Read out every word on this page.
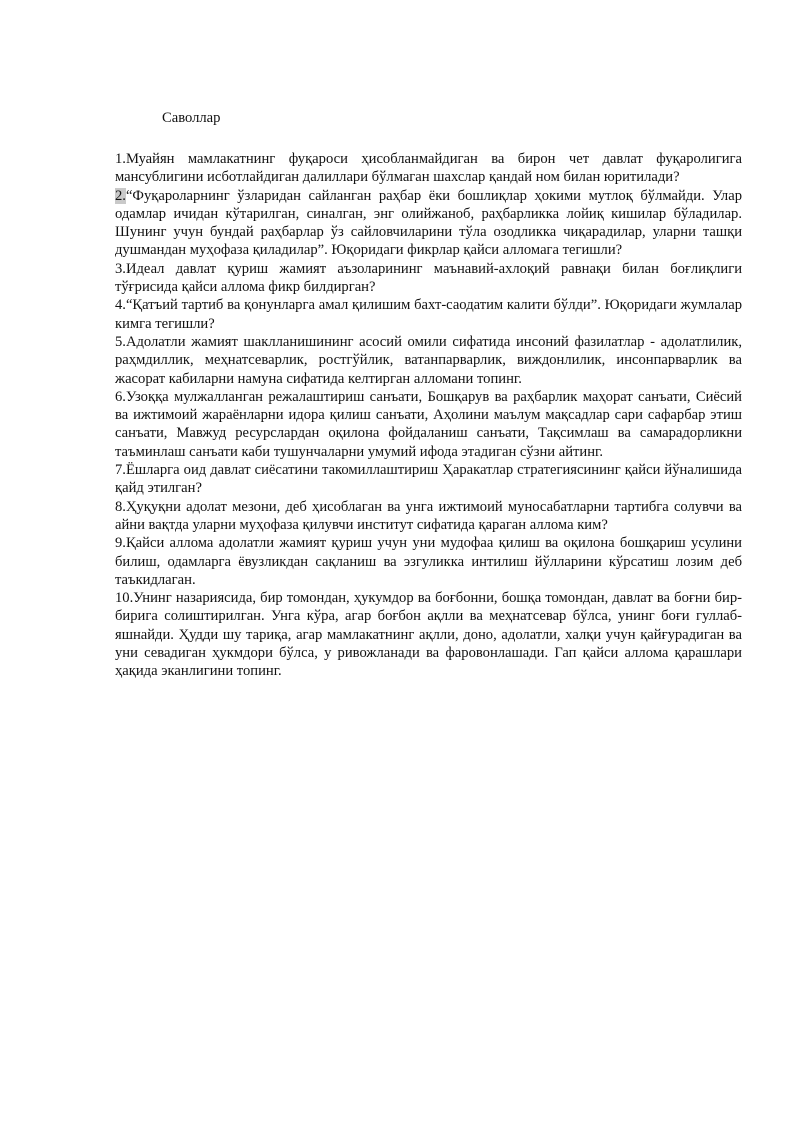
Саволлар

1.Муайян мамлакатнинг фуқароси ҳисобланмайдиган ва бирон чет давлат фуқаролигига мансублигини исботлайдиган далиллари бўлмаган шахслар қандай ном билан юритилади?

2.“Фуқароларнинг ўзларидан сайланган раҳбар ёки бошлиқлар ҳокими мутлоқ бўлмайди. Улар одамлар ичидан кўтарилган, синалган, энг олийжаноб, раҳбарликка лойиқ кишилар бўладилар. Шунинг учун бундай раҳбарлар ўз сайловчиларини тўла озодликка чиқарадилар, уларни ташқи душмандан муҳофаза қиладилар”. Юқоридаги фикрлар қайси алломага тегишли?

3.Идеал давлат қуриш жамият аъзоларининг маънавий-ахлоқий равнақи билан боғлиқлиги тўғрисида қайси аллома фикр билдирган?

4.“Қатъий тартиб ва қонунларга амал қилишим бахт-саодатим калити бўлди”. Юқоридаги жумлалар кимга тегишли?

5.Адолатли жамият шаклланишининг асосий омили сифатида инсоний фазилатлар - адолатлилик, раҳмдиллик, меҳнатсеварлик, ростгўйлик, ватанпарварлик, виждонлилик, инсонпарварлик ва жасорат кабиларни намуна сифатида келтирган алломани топинг.

6.Узоққа мулжалланган режалаштириш санъати, Бошқарув ва раҳбарлик маҳорат санъати, Сиёсий ва ижтимоий жараёнларни идора қилиш санъати, Аҳолини маълум мақсадлар сари сафарбар этиш санъати, Мавжуд ресурслардан оқилона фойдаланиш санъати, Тақсимлаш ва самарадорликни таъминлаш санъати каби тушунчаларни умумий ифода этадиган сўзни айтинг.

7.Ёшларга оид давлат сиёсатини такомиллаштириш Ҳаракатлар стратегиясининг қайси йўналишида қайд этилган?

8.Ҳуқуқни адолат мезони, деб ҳисоблаган ва унга ижтимоий муносабатларни тартибга солувчи ва айни вақтда уларни муҳофаза қилувчи институт сифатида қараган аллома ким?

9.Қайси аллома адолатли жамият қуриш учун уни мудофаа қилиш ва оқилона бошқариш усулини билиш, одамларга ёвузликдан сақланиш ва эзгуликка интилиш йўлларини кўрсатиш лозим деб таъкидлаган.

10.Унинг назариясида, бир томондан, ҳукумдор ва боғбонни, бошқа томондан, давлат ва боғни бир-бирига солиштирилган. Унга кўра, агар боғбон ақлли ва меҳнатсевар бўлса, унинг боғи гуллаб-яшнайди. Ҳудди шу тариқа, агар мамлакатнинг ақлли, доно, адолатли, халқи учун қайғурадиган ва уни севадиган ҳукмдори бўлса, у ривожланади ва фаровонлашади. Гап қайси аллома қарашлари ҳақида эканлигини топинг.
